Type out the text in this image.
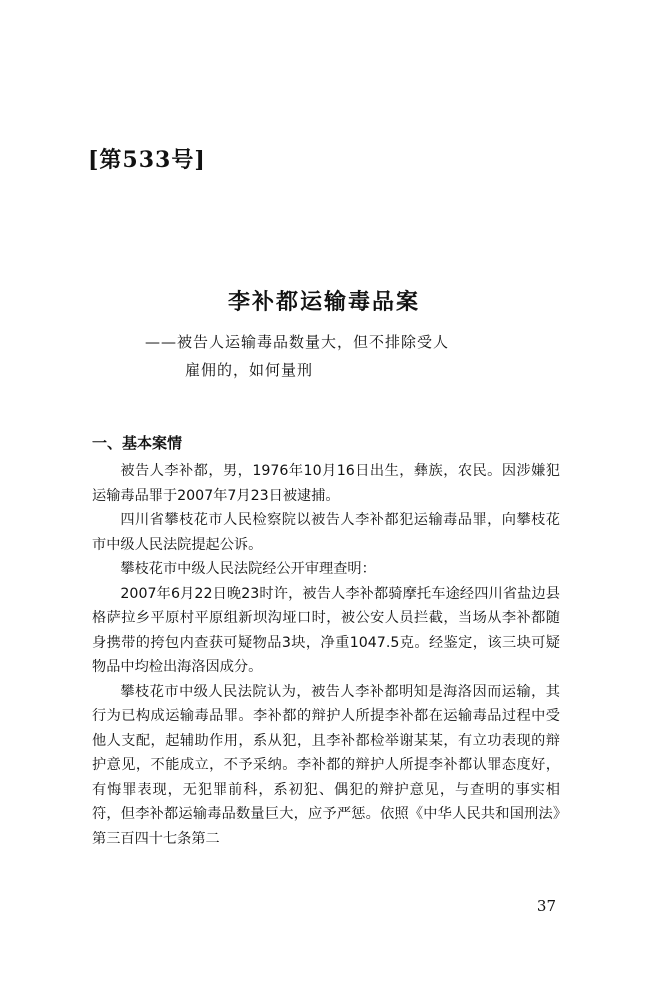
[第533号]
李补都运输毒品案
——被告人运输毒品数量大，但不排除受人
雇佣的，如何量刑
一、基本案情

被告人李补都，男，1976年10月16日出生，彝族，农民。因涉嫌犯运输毒品罪于2007年7月23日被逮捕。

四川省攀枝花市人民检察院以被告人李补都犯运输毒品罪，向攀枝花市中级人民法院提起公诉。

攀枝花市中级人民法院经公开审理查明：

2007年6月22日晚23时许，被告人李补都骑摩托车途经四川省盐边县格萨拉乡平原村平原组新坝沟垭口时，被公安人员拦截，当场从李补都随身携带的挎包内查获可疑物品3块，净重1047.5克。经鉴定，该三块可疑物品中均检出海洛因成分。

攀枝花市中级人民法院认为，被告人李补都明知是海洛因而运输，其行为已构成运输毒品罪。李补都的辩护人所提李补都在运输毒品过程中受他人支配，起辅助作用，系从犯，且李补都检举谢某某，有立功表现的辩护意见，不能成立，不予采纳。李补都的辩护人所提李补都认罪态度好，有悔罪表现，无犯罪前科，系初犯、偶犯的辩护意见，与查明的事实相符，但李补都运输毒品数量巨大，应予严惩。依照《中华人民共和国刑法》第三百四十七条第二

37
